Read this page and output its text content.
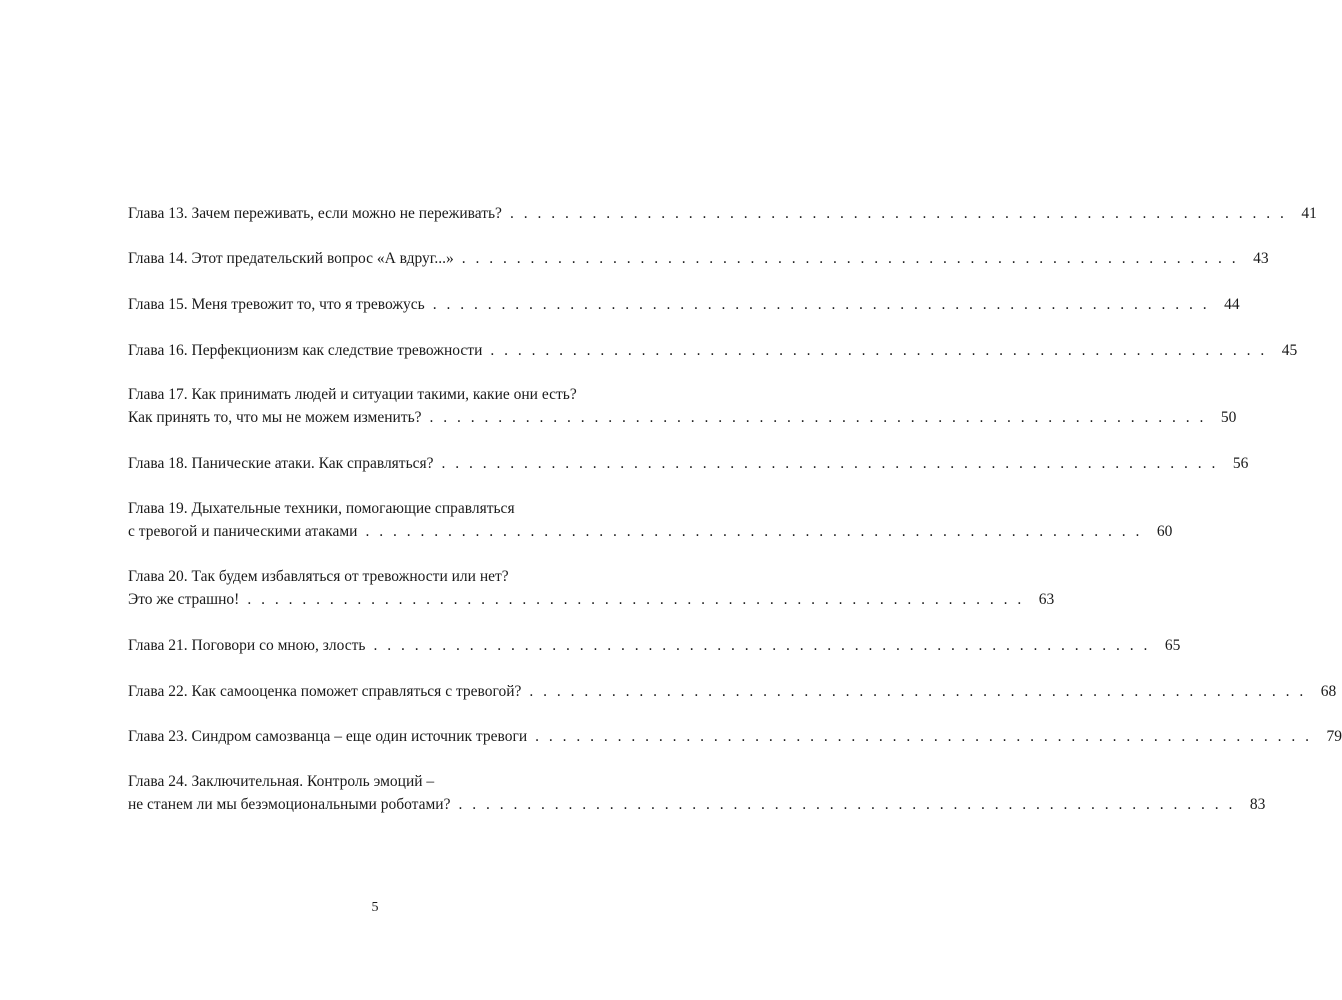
Глава 13. Зачем переживать, если можно не переживать? . . . . . . . . . . . . . . . . . . . . . . . . . . . . . . . . . . . . . . . . . . . . . . . . . . . . . . . . . 41
Глава 14. Этот предательский вопрос «А вдруг...» . . . . . . . . . . . . . . . . . . . . . . . . . . . . . . . . . . . . . . . . . . . . . . . . . . . . . . . . . 43
Глава 15. Меня тревожит то, что я тревожусь . . . . . . . . . . . . . . . . . . . . . . . . . . . . . . . . . . . . . . . . . . . . . . . . . . . . . . . . . 44
Глава 16. Перфекционизм как следствие тревожности . . . . . . . . . . . . . . . . . . . . . . . . . . . . . . . . . . . . . . . . . . . . . . . . . . . . . . . . . 45
Глава 17. Как принимать людей и ситуации такими, какие они есть?
Как принять то, что мы не можем изменить? . . . . . . . . . . . . . . . . . . . . . . . . . . . . . . . . . . . . . . . . . . . . . . . . . . . . . . . . . 50
Глава 18. Панические атаки. Как справляться? . . . . . . . . . . . . . . . . . . . . . . . . . . . . . . . . . . . . . . . . . . . . . . . . . . . . . . . . . 56
Глава 19. Дыхательные техники, помогающие справляться
с тревогой и паническими атаками . . . . . . . . . . . . . . . . . . . . . . . . . . . . . . . . . . . . . . . . . . . . . . . . . . . . . . . . . 60
Глава 20. Так будем избавляться от тревожности или нет?
Это же страшно! . . . . . . . . . . . . . . . . . . . . . . . . . . . . . . . . . . . . . . . . . . . . . . . . . . . . . . . . . 63
Глава 21. Поговори со мною, злость . . . . . . . . . . . . . . . . . . . . . . . . . . . . . . . . . . . . . . . . . . . . . . . . . . . . . . . . . 65
Глава 22. Как самооценка поможет справляться с тревогой? . . . . . . . . . . . . . . . . . . . . . . . . . . . . . . . . . . . . . . . . . . . . . . . . . . . . . . . . . 68
Глава 23. Синдром самозванца – еще один источник тревоги . . . . . . . . . . . . . . . . . . . . . . . . . . . . . . . . . . . . . . . . . . . . . . . . . . . . . . . . . 79
Глава 24. Заключительная. Контроль эмоций –
не станем ли мы безэмоциональными роботами? . . . . . . . . . . . . . . . . . . . . . . . . . . . . . . . . . . . . . . . . . . . . . . . . . . . . . . . . . 83
5
